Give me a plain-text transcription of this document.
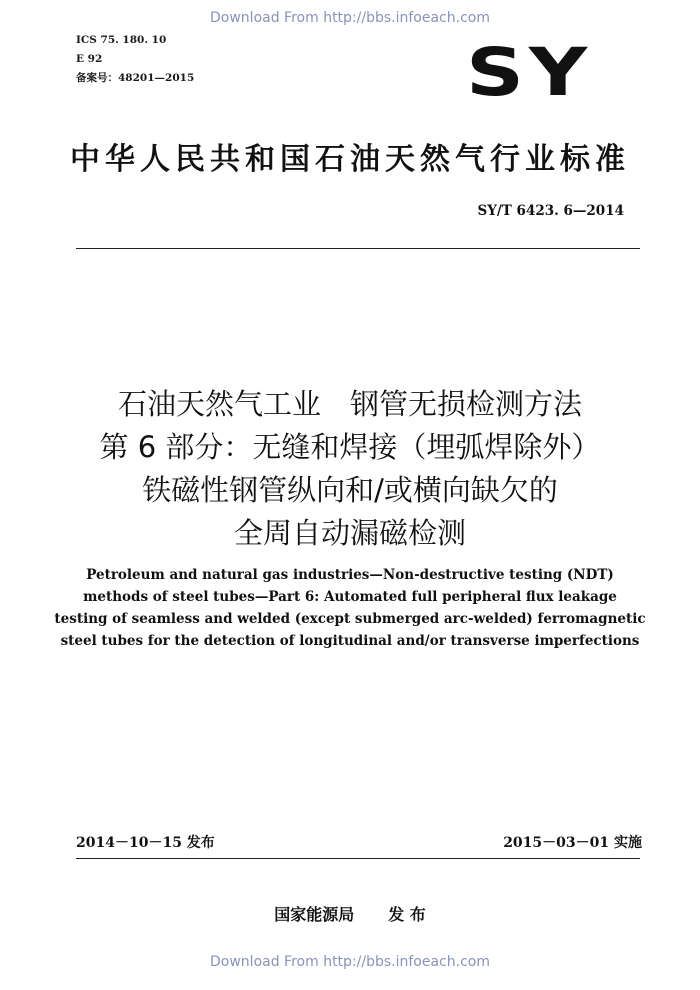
Download From http://bbs.infoeach.com
ICS 75. 180. 10
E 92
备案号：48201—2015	SY
中华人民共和国石油天然气行业标准
SY/T 6423. 6—2014
石油天然气工业　钢管无损检测方法
第 6 部分：无缝和焊接（埋弧焊除外）
铁磁性钢管纵向和/或横向缺欠的
全周自动漏磁检测
Petroleum and natural gas industries—Non-destructive testing (NDT)
methods of steel tubes—Part 6: Automated full peripheral flux leakage
testing of seamless and welded (except submerged arc-welded) ferromagnetic
steel tubes for the detection of longitudinal and/or transverse imperfections
2014－10－15 发布	2015－03－01 实施
国家能源局 发 布
Download From http://bbs.infoeach.com
